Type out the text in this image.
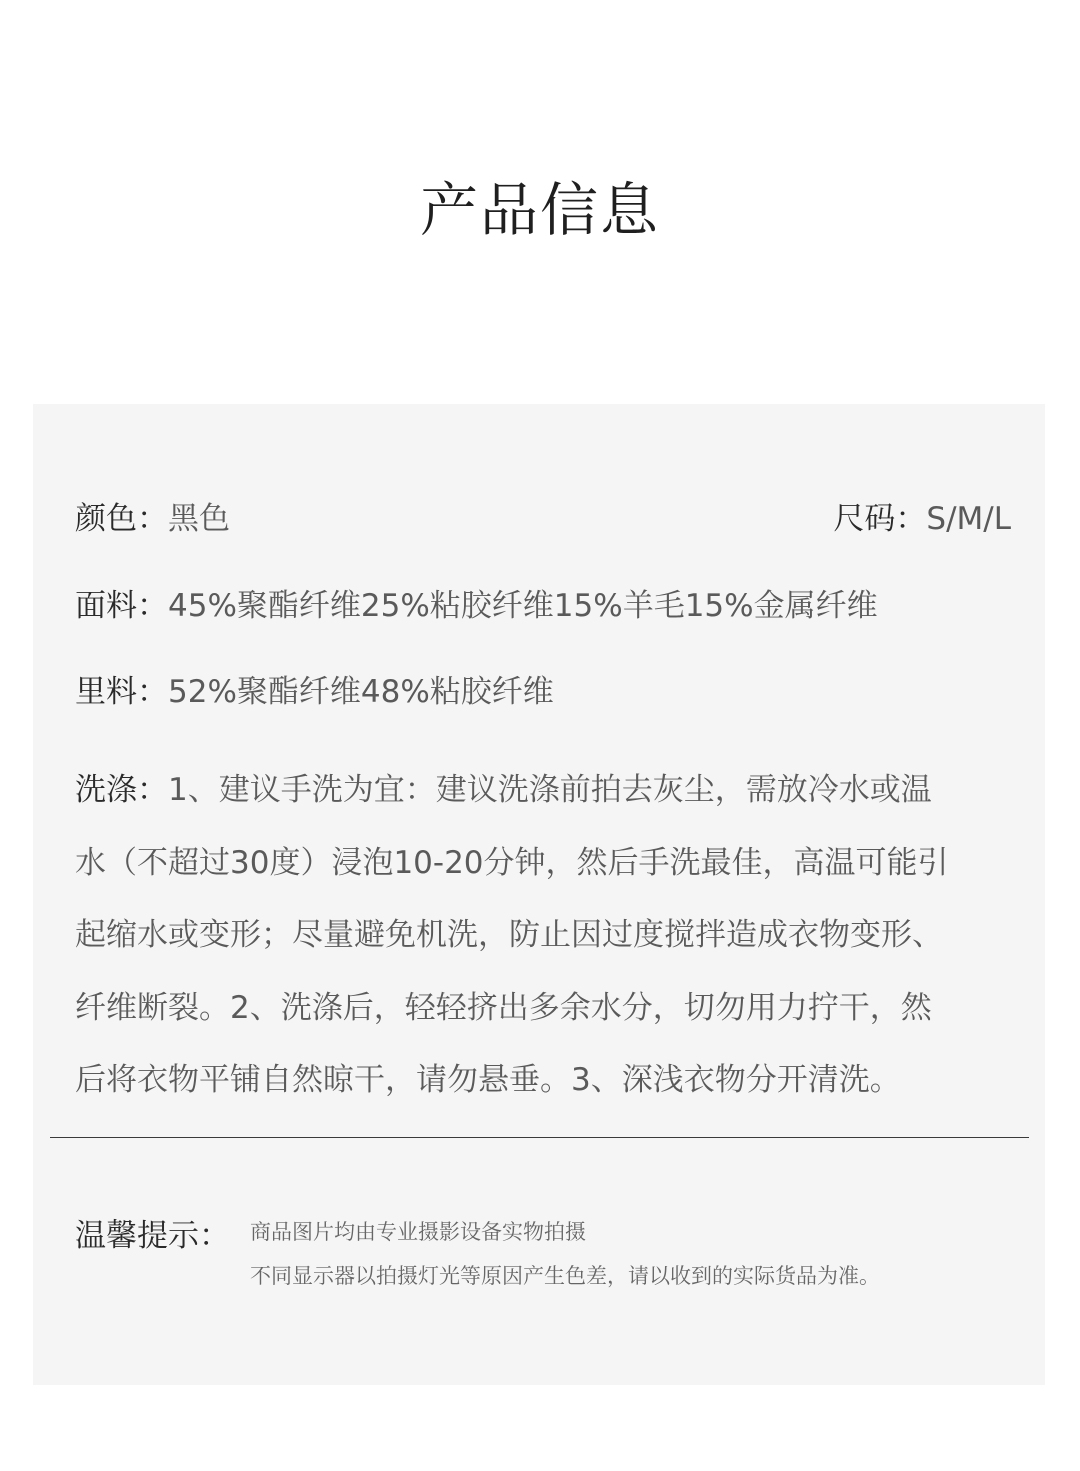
产品信息
颜色：黑色	尺码：S/M/L
面料：45%聚酯纤维25%粘胶纤维15%羊毛15%金属纤维
里料：52%聚酯纤维48%粘胶纤维
洗涤：1、建议手洗为宜：建议洗涤前拍去灰尘，需放冷水或温
水（不超过30度）浸泡10-20分钟，然后手洗最佳，高温可能引
起缩水或变形；尽量避免机洗，防止因过度搅拌造成衣物变形、
纤维断裂。2、洗涤后，轻轻挤出多余水分，切勿用力拧干，然
后将衣物平铺自然晾干，请勿悬垂。3、深浅衣物分开清洗。
温馨提示： 商品图片均由专业摄影设备实物拍摄
不同显示器以拍摄灯光等原因产生色差，请以收到的实际货品为准。
